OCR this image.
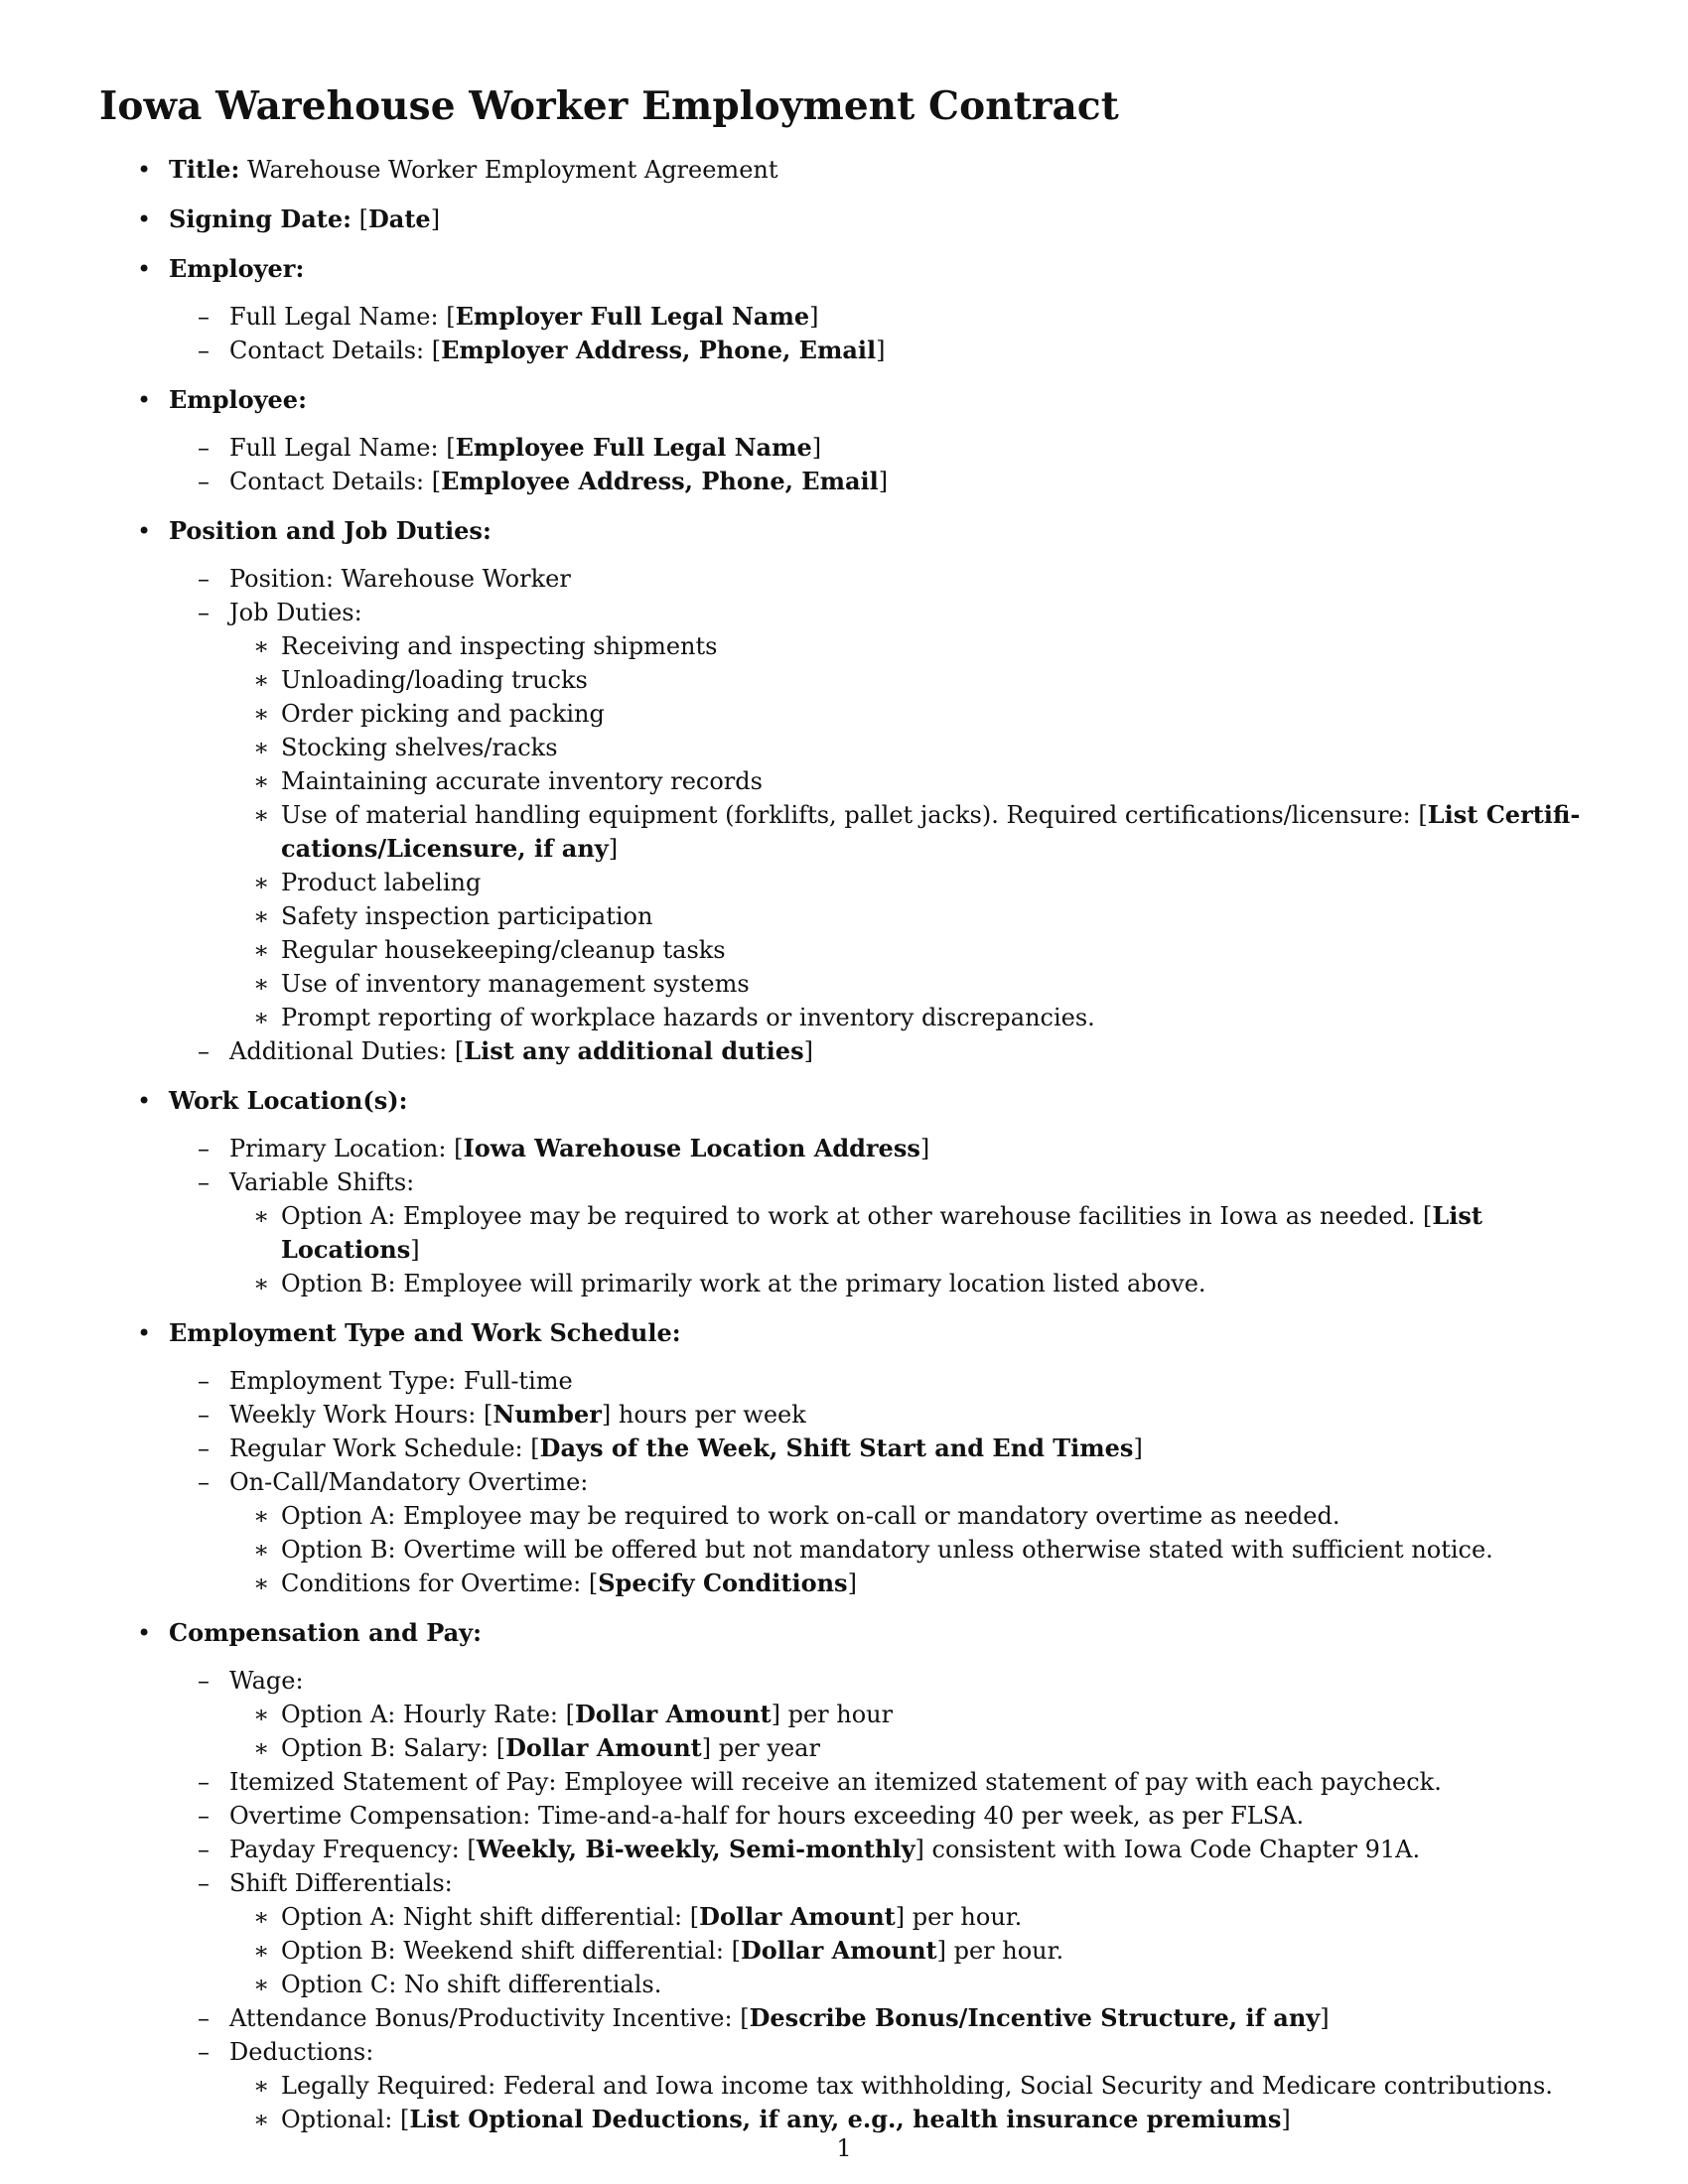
Iowa Warehouse Worker Employment Contract
• Title: Warehouse Worker Employment Agreement
• Signing Date: [Date]
• Employer:
– Full Legal Name: [Employer Full Legal Name]
– Contact Details: [Employer Address, Phone, Email]
• Employee:
– Full Legal Name: [Employee Full Legal Name]
– Contact Details: [Employee Address, Phone, Email]
• Position and Job Duties:
– Position: Warehouse Worker
– Job Duties:
∗ Receiving and inspecting shipments
∗ Unloading/loading trucks
∗ Order picking and packing
∗ Stocking shelves/racks
∗ Maintaining accurate inventory records
∗ Use of material handling equipment (forklifts, pallet jacks). Required certifications/licensure: [List Certifi-cations/Licensure, if any]
∗ Product labeling
∗ Safety inspection participation
∗ Regular housekeeping/cleanup tasks
∗ Use of inventory management systems
∗ Prompt reporting of workplace hazards or inventory discrepancies.
– Additional Duties: [List any additional duties]
• Work Location(s):
– Primary Location: [Iowa Warehouse Location Address]
– Variable Shifts:
∗ Option A: Employee may be required to work at other warehouse facilities in Iowa as needed. [List Locations]
∗ Option B: Employee will primarily work at the primary location listed above.
• Employment Type and Work Schedule:
– Employment Type: Full-time
– Weekly Work Hours: [Number] hours per week
– Regular Work Schedule: [Days of the Week, Shift Start and End Times]
– On-Call/Mandatory Overtime:
∗ Option A: Employee may be required to work on-call or mandatory overtime as needed.
∗ Option B: Overtime will be offered but not mandatory unless otherwise stated with sufficient notice.
∗ Conditions for Overtime: [Specify Conditions]
• Compensation and Pay:
– Wage:
∗ Option A: Hourly Rate: [Dollar Amount] per hour
∗ Option B: Salary: [Dollar Amount] per year
– Itemized Statement of Pay: Employee will receive an itemized statement of pay with each paycheck.
– Overtime Compensation: Time-and-a-half for hours exceeding 40 per week, as per FLSA.
– Payday Frequency: [Weekly, Bi-weekly, Semi-monthly] consistent with Iowa Code Chapter 91A.
– Shift Differentials:
∗ Option A: Night shift differential: [Dollar Amount] per hour.
∗ Option B: Weekend shift differential: [Dollar Amount] per hour.
∗ Option C: No shift differentials.
– Attendance Bonus/Productivity Incentive: [Describe Bonus/Incentive Structure, if any]
– Deductions:
∗ Legally Required: Federal and Iowa income tax withholding, Social Security and Medicare contributions.
∗ Optional: [List Optional Deductions, if any, e.g., health insurance premiums]
1
